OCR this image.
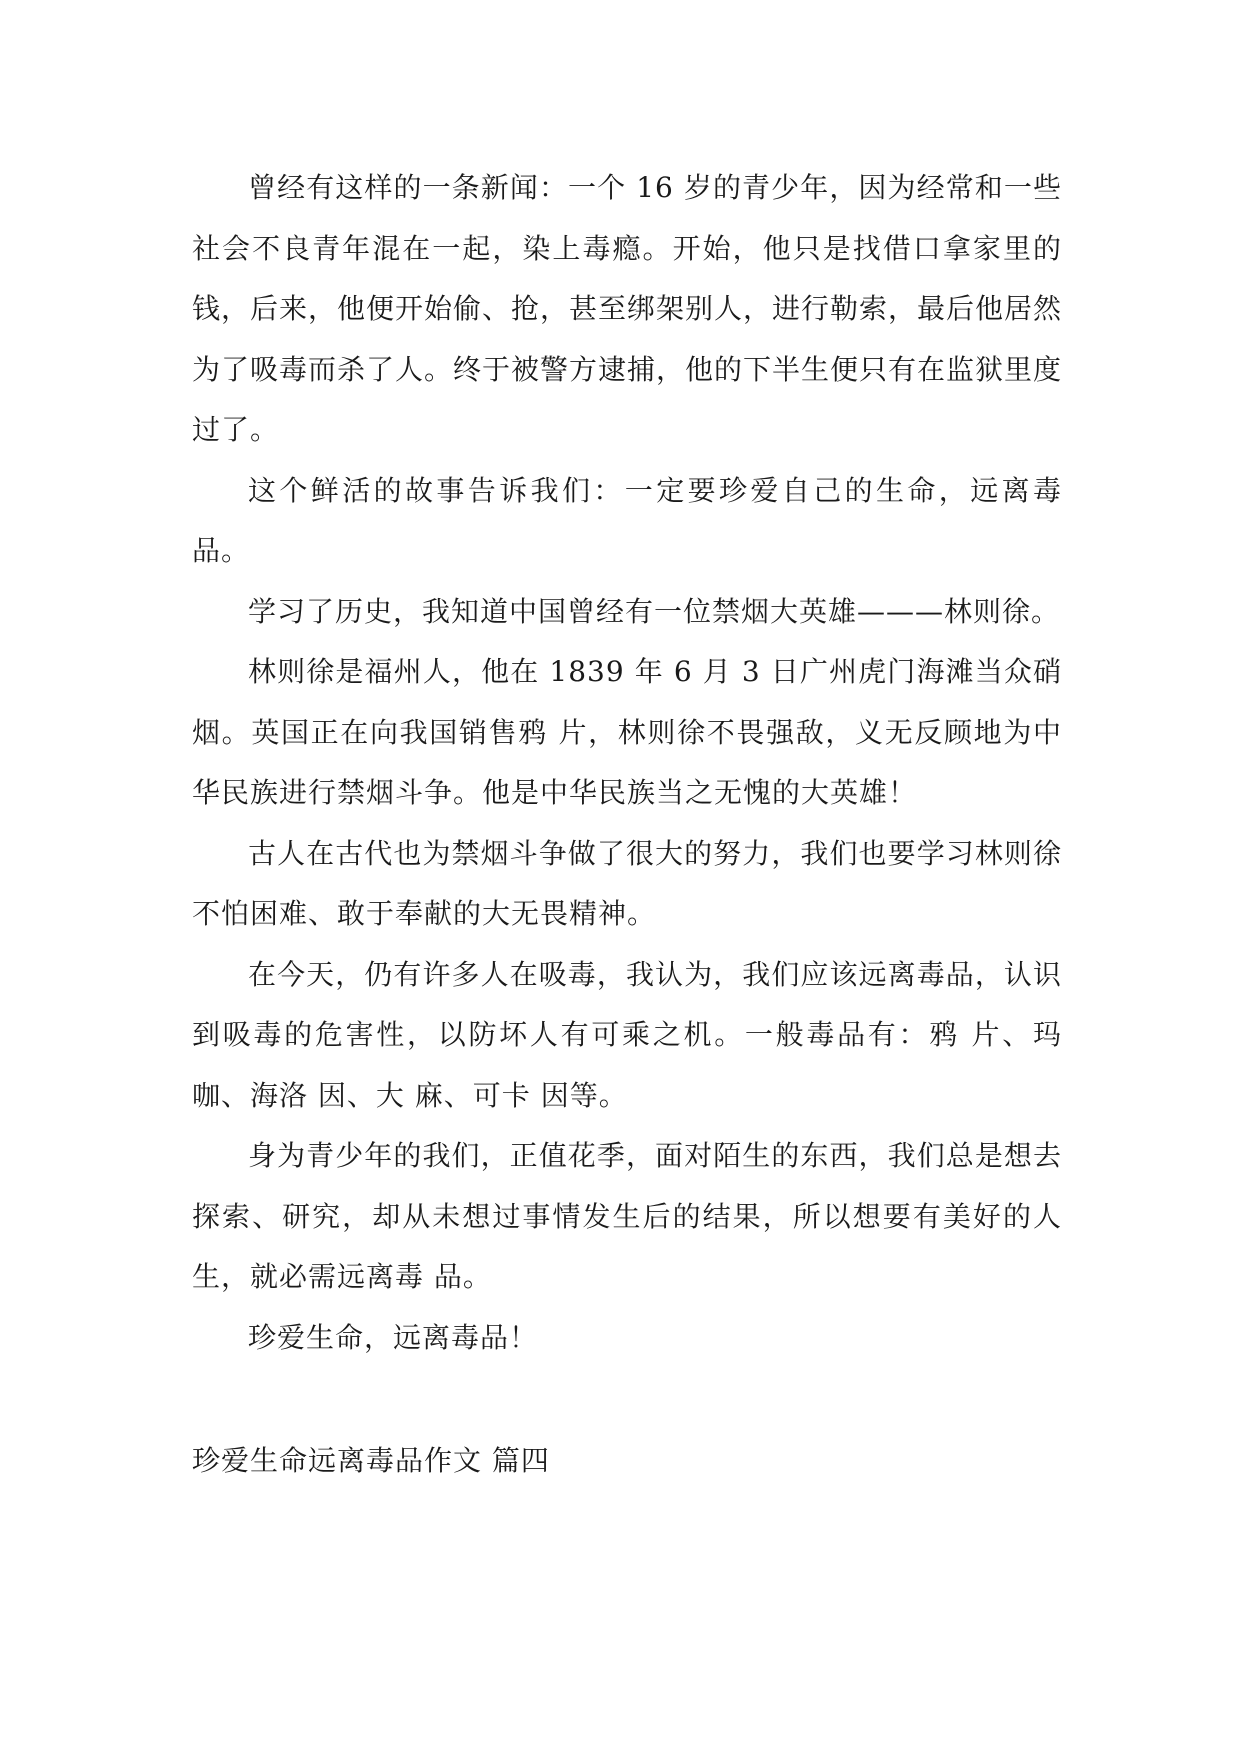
曾经有这样的一条新闻：一个 16 岁的青少年，因为经常和一些社会不良青年混在一起，染上毒瘾。开始，他只是找借口拿家里的钱，后来，他便开始偷、抢，甚至绑架别人，进行勒索，最后他居然为了吸毒而杀了人。终于被警方逮捕，他的下半生便只有在监狱里度过了。

这个鲜活的故事告诉我们：一定要珍爱自己的生命，远离毒 品。

学习了历史，我知道中国曾经有一位禁烟大英雄———林则徐。

林则徐是福州人，他在 1839 年 6 月 3 日广州虎门海滩当众硝烟。英国正在向我国销售鸦 片，林则徐不畏强敌，义无反顾地为中华民族进行禁烟斗争。他是中华民族当之无愧的大英雄！

古人在古代也为禁烟斗争做了很大的努力，我们也要学习林则徐不怕困难、敢于奉献的大无畏精神。

在今天，仍有许多人在吸毒，我认为，我们应该远离毒品，认识到吸毒的危害性，以防坏人有可乘之机。一般毒品有：鸦 片、玛咖、海洛 因、大 麻、可卡 因等。

身为青少年的我们，正值花季，面对陌生的东西，我们总是想去探索、研究，却从未想过事情发生后的结果，所以想要有美好的人生，就必需远离毒 品。

珍爱生命，远离毒品！

珍爱生命远离毒品作文 篇四
